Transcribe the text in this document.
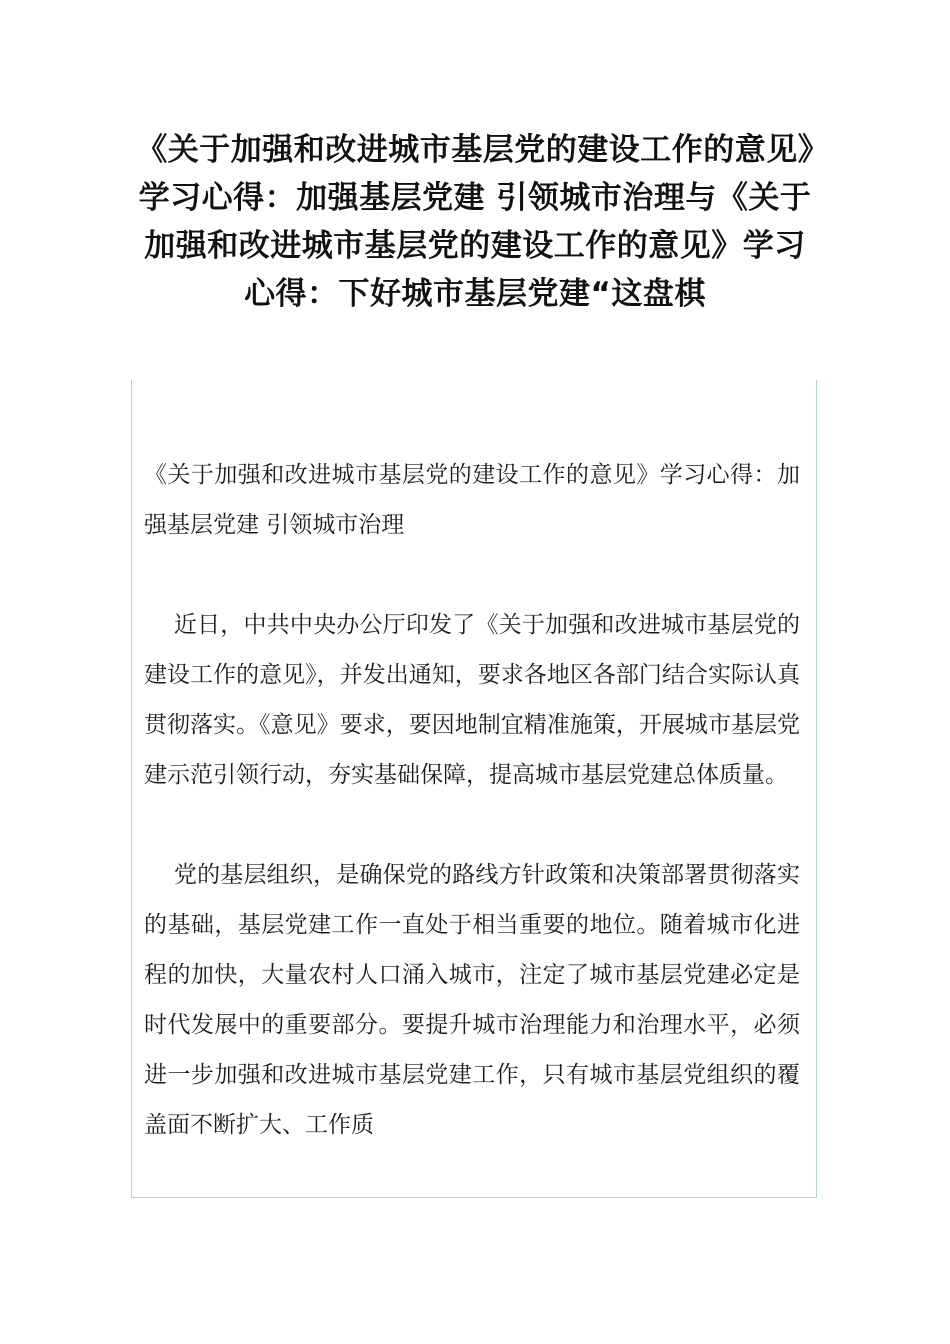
《关于加强和改进城市基层党的建设工作的意见》学习心得：加强基层党建 引领城市治理与《关于加强和改进城市基层党的建设工作的意见》学习心得：下好城市基层党建“这盘棋

《关于加强和改进城市基层党的建设工作的意见》学习心得：加强基层党建 引领城市治理

近日，中共中央办公厅印发了《关于加强和改进城市基层党的建设工作的意见》，并发出通知，要求各地区各部门结合实际认真贯彻落实。《意见》要求，要因地制宜精准施策，开展城市基层党建示范引领行动，夯实基础保障，提高城市基层党建总体质量。

党的基层组织，是确保党的路线方针政策和决策部署贯彻落实的基础，基层党建工作一直处于相当重要的地位。随着城市化进程的加快，大量农村人口涌入城市，注定了城市基层党建必定是时代发展中的重要部分。要提升城市治理能力和治理水平，必须进一步加强和改进城市基层党建工作，只有城市基层党组织的覆盖面不断扩大、工作质
